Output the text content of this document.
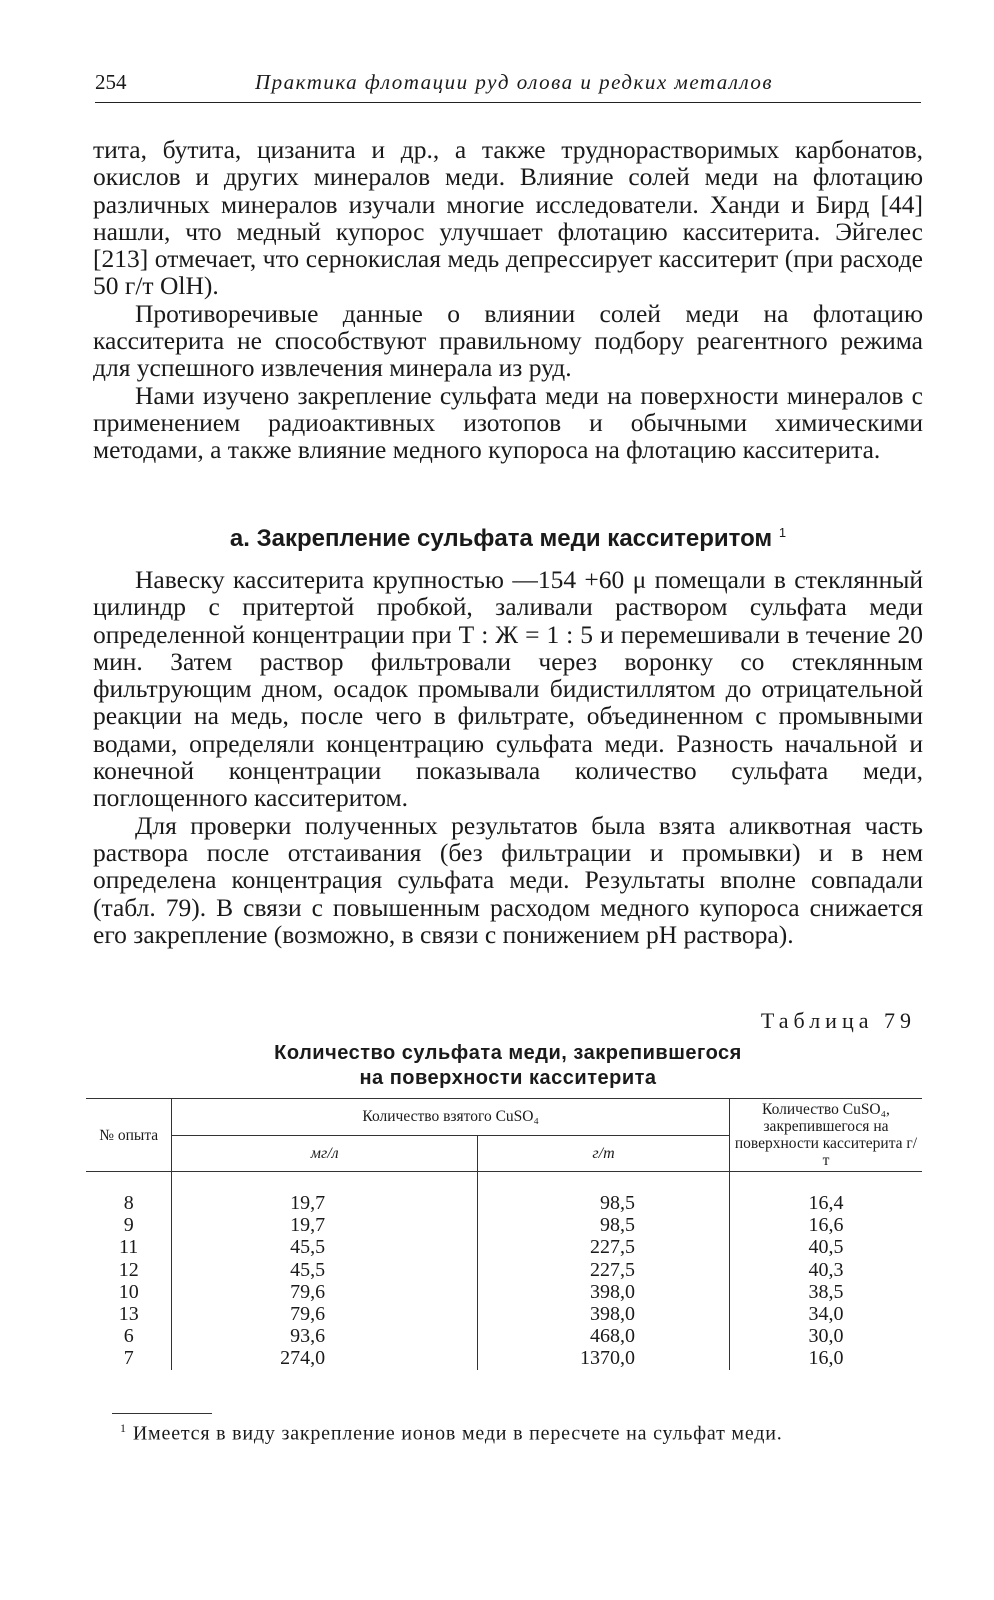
254	Практика флотации руд олова и редких металлов

тита, бутита, цизанита и др., а также труднорастворимых карбонатов, окислов и других минералов меди. Влияние солей меди на флотацию различных минералов изучали многие исследователи. Ханди и Бирд [44] нашли, что медный купорос улучшает флотацию касситерита. Эйгелес [213] отмечает, что сернокислая медь депрессирует касситерит (при расходе 50 г/т OlH).

Противоречивые данные о влиянии солей меди на флотацию касситерита не способствуют правильному подбору реагентного режима для успешного извлечения минерала из руд.

Нами изучено закрепление сульфата меди на поверхности минералов с применением радиоактивных изотопов и обычными химическими методами, а также влияние медного купороса на флотацию касситерита.

а. Закрепление сульфата меди касситеритом $^1$

Навеску касситерита крупностью —154 +60 μ помещали в стеклянный цилиндр с притертой пробкой, заливали раствором сульфата меди определенной концентрации при Т : Ж = 1 : 5 и перемешивали в течение 20 мин. Затем раствор фильтровали через воронку со стеклянным фильтрующим дном, осадок промывали бидистиллятом до отрицательной реакции на медь, после чего в фильтрате, объединенном с промывными водами, определяли концентрацию сульфата меди. Разность начальной и конечной концентрации показывала количество сульфата меди, поглощенного касситеритом.

Для проверки полученных результатов была взята аликвотная часть раствора после отстаивания (без фильтрации и промывки) и в нем определена концентрация сульфата меди. Результаты вполне совпадали (табл. 79). В связи с повышенным расходом медного купороса снижается его закрепление (возможно, в связи с понижением pH раствора).

Таблица 79
Количество сульфата меди, закрепившегося
на поверхности касситерита
№ опыта	Количество взятого CuSO₄		Количество CuSO₄, закрепившегося на поверхности касситерита г/т
	мг/л	г/т	
8	19,7	98,5	16,4
9	19,7	98,5	16,6
11	45,5	227,5	40,5
12	45,5	227,5	40,3
10	79,6	398,0	38,5
13	79,6	398,0	34,0
6	93,6	468,0	30,0
7	274,0	1370,0	16,0
$^1$ Имеется в виду закрепление ионов меди в пересчете на сульфат меди.
